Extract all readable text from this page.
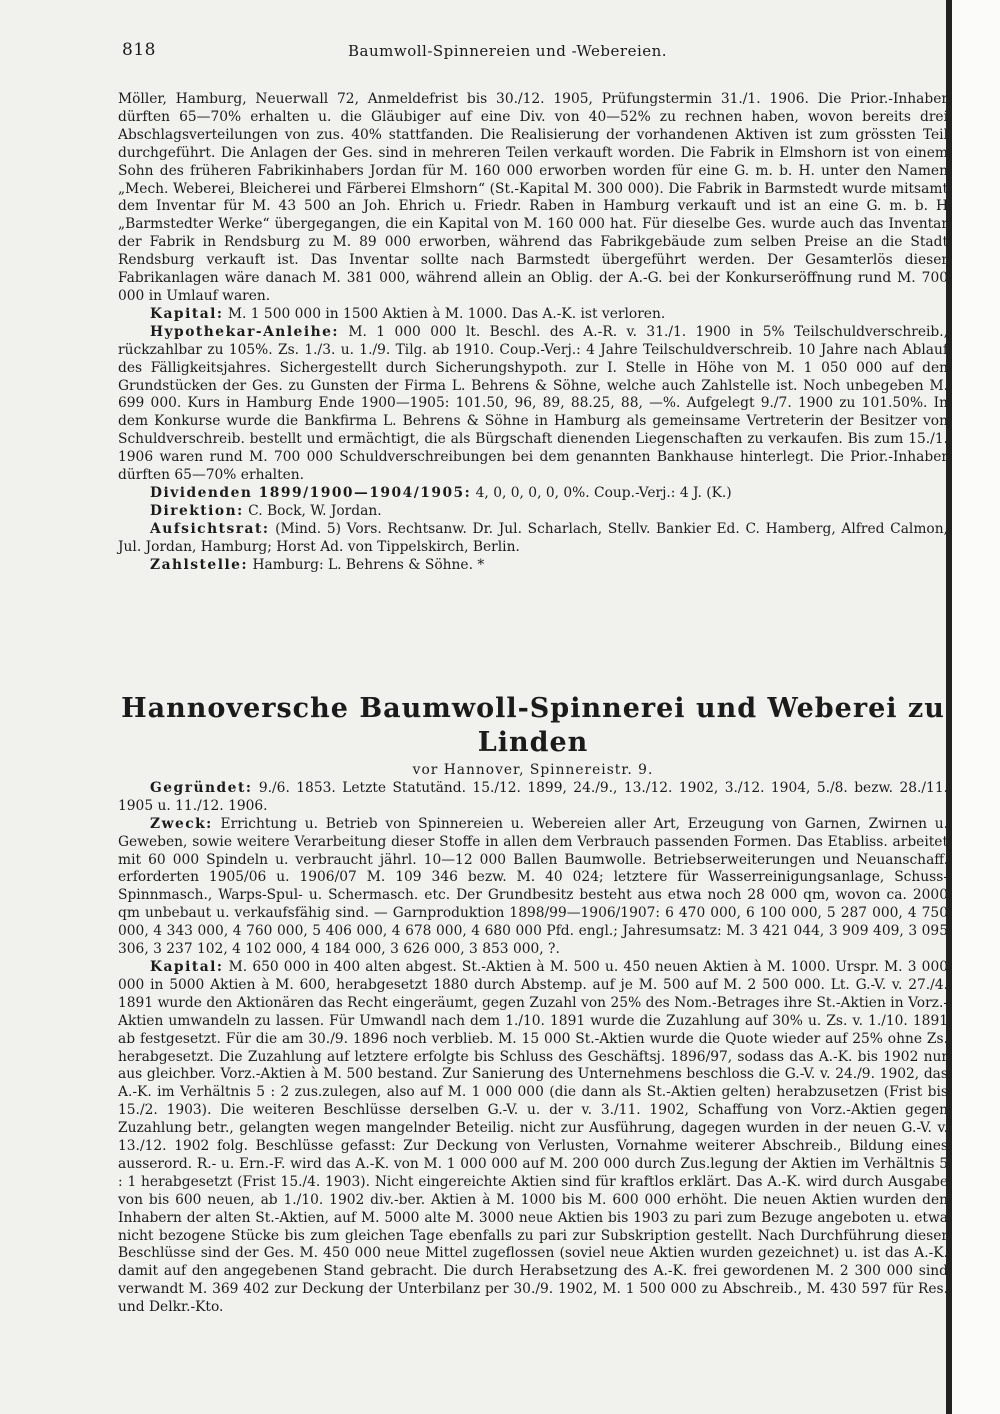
818	Baumwoll-Spinnereien und -Webereien.

Möller, Hamburg, Neuerwall 72, Anmeldefrist bis 30./12. 1905, Prüfungstermin 31./1. 1906. Die Prior.-Inhaber dürften 65—70% erhalten u. die Gläubiger auf eine Div. von 40—52% zu rechnen haben, wovon bereits drei Abschlagsverteilungen von zus. 40% stattfanden. Die Realisierung der vorhandenen Aktiven ist zum grössten Teil durchgeführt. Die Anlagen der Ges. sind in mehreren Teilen verkauft worden. Die Fabrik in Elmshorn ist von einem Sohn des früheren Fabrikinhabers Jordan für M. 160 000 erworben worden für eine G. m. b. H. unter den Namen „Mech. Weberei, Bleicherei und Färberei Elmshorn“ (St.-Kapital M. 300 000). Die Fabrik in Barmstedt wurde mitsamt dem Inventar für M. 43 500 an Joh. Ehrich u. Friedr. Raben in Hamburg verkauft und ist an eine G. m. b. H „Barmstedter Werke“ übergegangen, die ein Kapital von M. 160 000 hat. Für dieselbe Ges. wurde auch das Inventar der Fabrik in Rendsburg zu M. 89 000 erworben, während das Fabrikgebäude zum selben Preise an die Stadt Rendsburg verkauft ist. Das Inventar sollte nach Barmstedt übergeführt werden. Der Gesamterlös dieser Fabrikanlagen wäre danach M. 381 000, während allein an Oblig. der A.-G. bei der Konkurseröffnung rund M. 700 000 in Umlauf waren.

Kapital: M. 1 500 000 in 1500 Aktien à M. 1000. Das A.-K. ist verloren.

Hypothekar-Anleihe: M. 1 000 000 lt. Beschl. des A.-R. v. 31./1. 1900 in 5% Teilschuldverschreib., rückzahlbar zu 105%. Zs. 1./3. u. 1./9. Tilg. ab 1910. Coup.-Verj.: 4 Jahre Teilschuldverschreib. 10 Jahre nach Ablauf des Fälligkeitsjahres. Sichergestellt durch Sicherungshypoth. zur I. Stelle in Höhe von M. 1 050 000 auf den Grundstücken der Ges. zu Gunsten der Firma L. Behrens & Söhne, welche auch Zahlstelle ist. Noch unbegeben M. 699 000. Kurs in Hamburg Ende 1900—1905: 101.50, 96, 89, 88.25, 88, —%. Aufgelegt 9./7. 1900 zu 101.50%. In dem Konkurse wurde die Bankfirma L. Behrens & Söhne in Hamburg als gemeinsame Vertreterin der Besitzer von Schuldverschreib. bestellt und ermächtigt, die als Bürgschaft dienenden Liegenschaften zu verkaufen. Bis zum 15./1. 1906 waren rund M. 700 000 Schuldverschreibungen bei dem genannten Bankhause hinterlegt. Die Prior.-Inhaber dürften 65—70% erhalten.

Dividenden 1899/1900—1904/1905: 4, 0, 0, 0, 0, 0%. Coup.-Verj.: 4 J. (K.)

Direktion: C. Bock, W. Jordan.

Aufsichtsrat: (Mind. 5) Vors. Rechtsanw. Dr. Jul. Scharlach, Stellv. Bankier Ed. C. Hamberg, Alfred Calmon, Jul. Jordan, Hamburg; Horst Ad. von Tippelskirch, Berlin.

Zahlstelle: Hamburg: L. Behrens & Söhne. *

Hannoversche Baumwoll-Spinnerei und Weberei zu Linden

vor Hannover, Spinnereistr. 9.

Gegründet: 9./6. 1853. Letzte Statutänd. 15./12. 1899, 24./9., 13./12. 1902, 3./12. 1904, 5./8. bezw. 28./11. 1905 u. 11./12. 1906.

Zweck: Errichtung u. Betrieb von Spinnereien u. Webereien aller Art, Erzeugung von Garnen, Zwirnen u. Geweben, sowie weitere Verarbeitung dieser Stoffe in allen dem Verbrauch passenden Formen. Das Etabliss. arbeitet mit 60 000 Spindeln u. verbraucht jährl. 10—12 000 Ballen Baumwolle. Betriebserweiterungen und Neuanschaff. erforderten 1905/06 u. 1906/07 M. 109 346 bezw. M. 40 024; letztere für Wasserreinigungsanlage, Schuss-Spinnmasch., Warps-Spul- u. Schermasch. etc. Der Grundbesitz besteht aus etwa noch 28 000 qm, wovon ca. 2000 qm unbebaut u. verkaufsfähig sind. — Garnproduktion 1898/99—1906/1907: 6 470 000, 6 100 000, 5 287 000, 4 750 000, 4 343 000, 4 760 000, 5 406 000, 4 678 000, 4 680 000 Pfd. engl.; Jahresumsatz: M. 3 421 044, 3 909 409, 3 095 306, 3 237 102, 4 102 000, 4 184 000, 3 626 000, 3 853 000, ?.

Kapital: M. 650 000 in 400 alten abgest. St.-Aktien à M. 500 u. 450 neuen Aktien à M. 1000. Urspr. M. 3 000 000 in 5000 Aktien à M. 600, herabgesetzt 1880 durch Abstemp. auf je M. 500 auf M. 2 500 000. Lt. G.-V. v. 27./4. 1891 wurde den Aktionären das Recht eingeräumt, gegen Zuzahl von 25% des Nom.-Betrages ihre St.-Aktien in Vorz.-Aktien umwandeln zu lassen. Für Umwandl nach dem 1./10. 1891 wurde die Zuzahlung auf 30% u. Zs. v. 1./10. 1891 ab festgesetzt. Für die am 30./9. 1896 noch verblieb. M. 15 000 St.-Aktien wurde die Quote wieder auf 25% ohne Zs. herabgesetzt. Die Zuzahlung auf letztere erfolgte bis Schluss des Geschäftsj. 1896/97, sodass das A.-K. bis 1902 nur aus gleichber. Vorz.-Aktien à M. 500 bestand. Zur Sanierung des Unternehmens beschloss die G.-V. v. 24./9. 1902, das A.-K. im Verhältnis 5 : 2 zus.zulegen, also auf M. 1 000 000 (die dann als St.-Aktien gelten) herabzusetzen (Frist bis 15./2. 1903). Die weiteren Beschlüsse derselben G.-V. u. der v. 3./11. 1902, Schaffung von Vorz.-Aktien gegen Zuzahlung betr., gelangten wegen mangelnder Beteilig. nicht zur Ausführung, dagegen wurden in der neuen G.-V. v. 13./12. 1902 folg. Beschlüsse gefasst: Zur Deckung von Verlusten, Vornahme weiterer Abschreib., Bildung eines ausserord. R.- u. Ern.-F. wird das A.-K. von M. 1 000 000 auf M. 200 000 durch Zus.legung der Aktien im Verhältnis 5 : 1 herabgesetzt (Frist 15./4. 1903). Nicht eingereichte Aktien sind für kraftlos erklärt. Das A.-K. wird durch Ausgabe von bis 600 neuen, ab 1./10. 1902 div.-ber. Aktien à M. 1000 bis M. 600 000 erhöht. Die neuen Aktien wurden den Inhabern der alten St.-Aktien, auf M. 5000 alte M. 3000 neue Aktien bis 1903 zu pari zum Bezuge angeboten u. etwa nicht bezogene Stücke bis zum gleichen Tage ebenfalls zu pari zur Subskription gestellt. Nach Durchführung dieser Beschlüsse sind der Ges. M. 450 000 neue Mittel zugeflossen (soviel neue Aktien wurden gezeichnet) u. ist das A.-K. damit auf den angegebenen Stand gebracht. Die durch Herabsetzung des A.-K. frei gewordenen M. 2 300 000 sind verwandt M. 369 402 zur Deckung der Unterbilanz per 30./9. 1902, M. 1 500 000 zu Abschreib., M. 430 597 für Res. und Delkr.-Kto.
